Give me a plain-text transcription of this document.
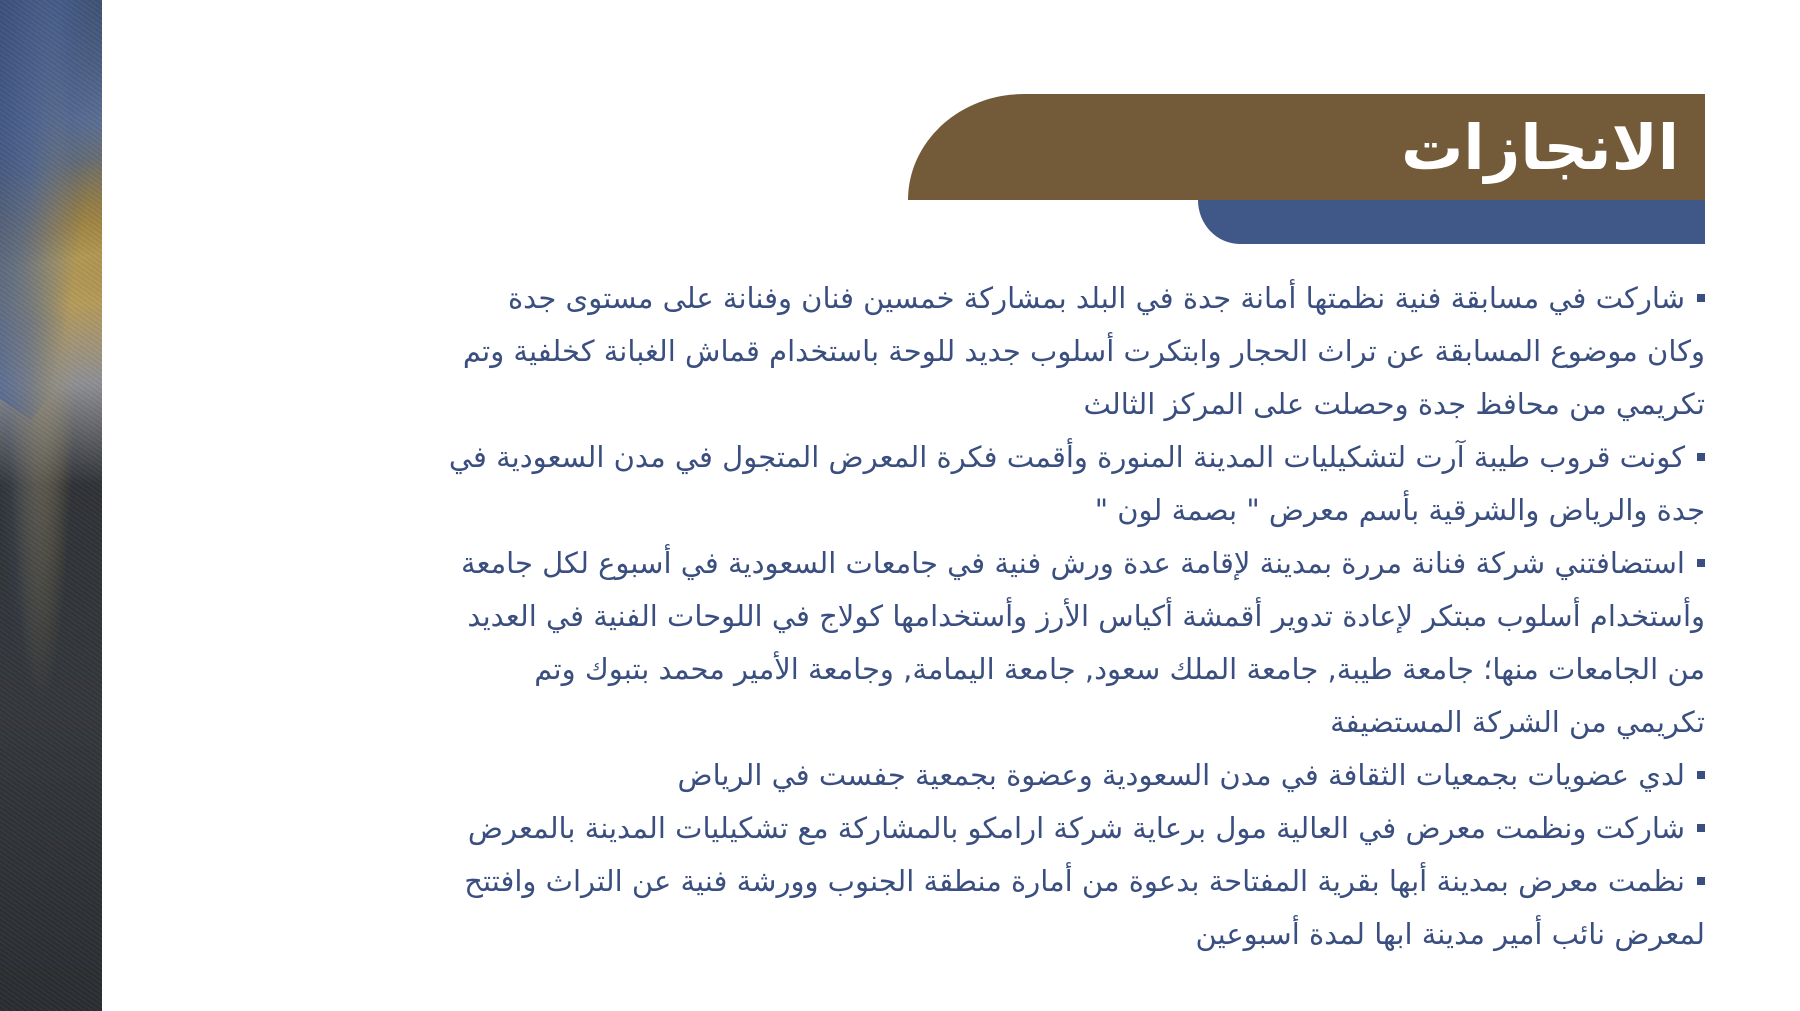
الانجازات
شاركت في مسابقة فنية نظمتها أمانة جدة في البلد بمشاركة خمسين فنان وفنانة على مستوى جدة
وكان موضوع المسابقة عن تراث الحجار وابتكرت أسلوب جديد للوحة باستخدام قماش الغبانة كخلفية وتم
تكريمي من محافظ جدة وحصلت على المركز الثالث
كونت قروب طيبة آرت لتشكيليات المدينة المنورة وأقمت فكرة المعرض المتجول في مدن السعودية في
جدة والرياض والشرقية بأسم معرض " بصمة لون "
استضافتني شركة فنانة مررة بمدينة لإقامة عدة ورش فنية في جامعات السعودية في أسبوع لكل جامعة
وأستخدام أسلوب مبتكر لإعادة تدوير أقمشة أكياس الأرز وأستخدامها كولاج في اللوحات الفنية في العديد
من الجامعات منها؛ جامعة طيبة, جامعة الملك سعود, جامعة اليمامة, وجامعة الأمير محمد بتبوك وتم
تكريمي من الشركة المستضيفة
لدي عضويات بجمعيات الثقافة في مدن السعودية وعضوة بجمعية جفست في الرياض
شاركت ونظمت معرض في العالية مول برعاية شركة ارامكو بالمشاركة مع تشكيليات المدينة بالمعرض
نظمت معرض بمدينة أبها بقرية المفتاحة بدعوة من أمارة منطقة الجنوب وورشة فنية عن التراث وافتتح
لمعرض نائب أمير مدينة ابها لمدة أسبوعين
